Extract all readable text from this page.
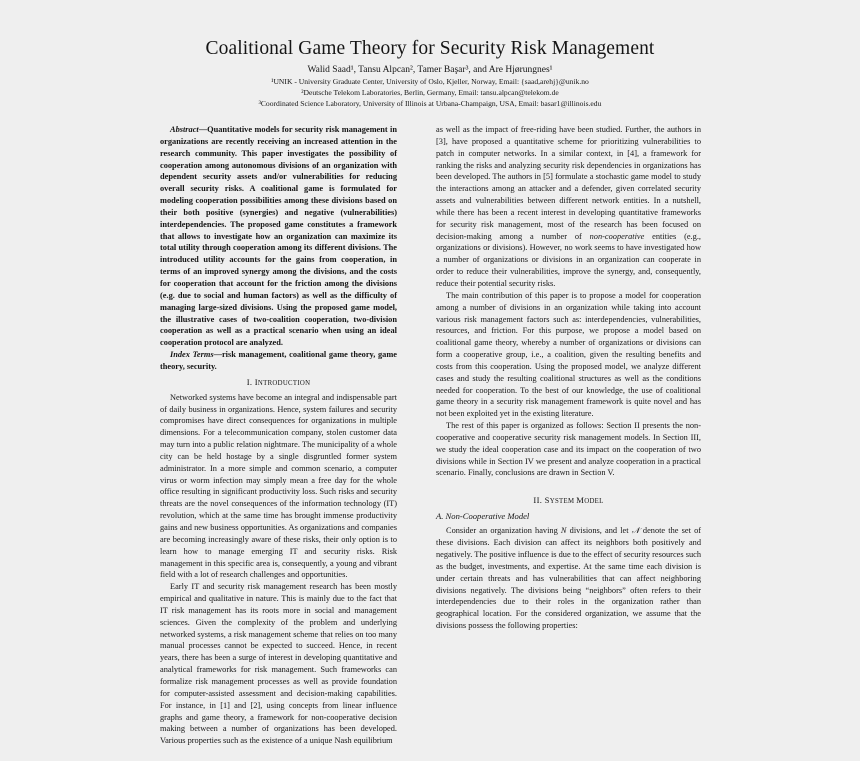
Coalitional Game Theory for Security Risk Management
Walid Saad¹, Tansu Alpcan², Tamer Başar³, and Are Hjørungnes¹
¹UNIK - University Graduate Center, University of Oslo, Kjeller, Norway, Email: {saad,arehj}@unik.no
²Deutsche Telekom Laboratories, Berlin, Germany, Email: tansu.alpcan@telekom.de
³Coordinated Science Laboratory, University of Illinois at Urbana-Champaign, USA, Email: basar1@illinois.edu

Abstract—Quantitative models for security risk management in organizations are recently receiving an increased attention in the research community. This paper investigates the possibility of cooperation among autonomous divisions of an organization with dependent security assets and/or vulnerabilities for reducing overall security risks. A coalitional game is formulated for modeling cooperation possibilities among these divisions based on their both positive (synergies) and negative (vulnerabilities) interdependencies. The proposed game constitutes a framework that allows to investigate how an organization can maximize its total utility through cooperation among its different divisions. The introduced utility accounts for the gains from cooperation, in terms of an improved synergy among the divisions, and the costs for cooperation that account for the friction among the divisions (e.g. due to social and human factors) as well as the difficulty of managing large-sized divisions. Using the proposed game model, the illustrative cases of two-coalition cooperation, two-division cooperation as well as a practical scenario when using an ideal cooperation protocol are analyzed.

Index Terms—risk management, coalitional game theory, game theory, security.

I. INTRODUCTION

Networked systems have become an integral and indispensable part of daily business in organizations. Hence, system failures and security compromises have direct consequences for organizations in multiple dimensions. For a telecommunication company, stolen customer data may turn into a public relation nightmare. The municipality of a whole city can be held hostage by a single disgruntled former system administrator. In a more simple and common scenario, a computer virus or worm infection may simply mean a free day for the whole office resulting in significant productivity loss. Such risks and security threats are the novel consequences of the information technology (IT) revolution, which at the same time has brought immense productivity gains and new business opportunities. As organizations and companies are becoming increasingly aware of these risks, their only option is to learn how to manage emerging IT and security risks. Risk management in this specific area is, consequently, a young and vibrant field with a lot of research challenges and opportunities.

Early IT and security risk management research has been mostly empirical and qualitative in nature. This is mainly due to the fact that IT risk management has its roots more in social and management sciences. Given the complexity of the problem and underlying networked systems, a risk management scheme that relies on too many manual processes cannot be expected to succeed. Hence, in recent years, there has been a surge of interest in developing quantitative and analytical frameworks for risk management. Such frameworks can formalize risk management processes as well as provide foundation for computer-assisted assessment and decision-making capabilities. For instance, in [1] and [2], using concepts from linear influence graphs and game theory, a framework for non-cooperative decision making between a number of organizations has been developed. Various properties such as the existence of a unique Nash equilibrium

as well as the impact of free-riding have been studied. Further, the authors in [3], have proposed a quantitative scheme for prioritizing vulnerabilities to patch in computer networks. In a similar context, in [4], a framework for ranking the risks and analyzing security risk dependencies in organizations has been developed. The authors in [5] formulate a stochastic game model to study the interactions among an attacker and a defender, given correlated security assets and vulnerabilities between different network entities. In a nutshell, while there has been a recent interest in developing quantitative frameworks for security risk management, most of the research has been focused on decision-making among a number of non-cooperative entities (e.g., organizations or divisions). However, no work seems to have investigated how a number of organizations or divisions in an organization can cooperate in order to reduce their vulnerabilities, improve the synergy, and, consequently, reduce their potential security risks.

The main contribution of this paper is to propose a model for cooperation among a number of divisions in an organization while taking into account various risk management factors such as: interdependencies, vulnerabilities, resources, and friction. For this purpose, we propose a model based on coalitional game theory, whereby a number of organizations or divisions can form a cooperative group, i.e., a coalition, given the resulting benefits and costs from this cooperation. Using the proposed model, we analyze different cases and study the resulting coalitional structures as well as the conditions needed for cooperation. To the best of our knowledge, the use of coalitional game theory in a security risk management framework is quite novel and has not been exploited yet in the existing literature.

The rest of this paper is organized as follows: Section II presents the non-cooperative and cooperative security risk management models. In Section III, we study the ideal cooperation case and its impact on the cooperation of two divisions while in Section IV we present and analyze cooperation in a practical scenario. Finally, conclusions are drawn in Section V.

II. SYSTEM MODEL
A. Non-Cooperative Model

Consider an organization having N divisions, and let 𝒩 denote the set of these divisions. Each division can affect its neighbors both positively and negatively. The positive influence is due to the effect of security resources such as the budget, investments, and expertise. At the same time each division is under certain threats and has vulnerabilities that can affect neighboring divisions negatively. The divisions being “neighbors” often refers to their interdependencies due to their roles in the organization rather than geographical location. For the considered organization, we assume that the divisions possess the following properties:
